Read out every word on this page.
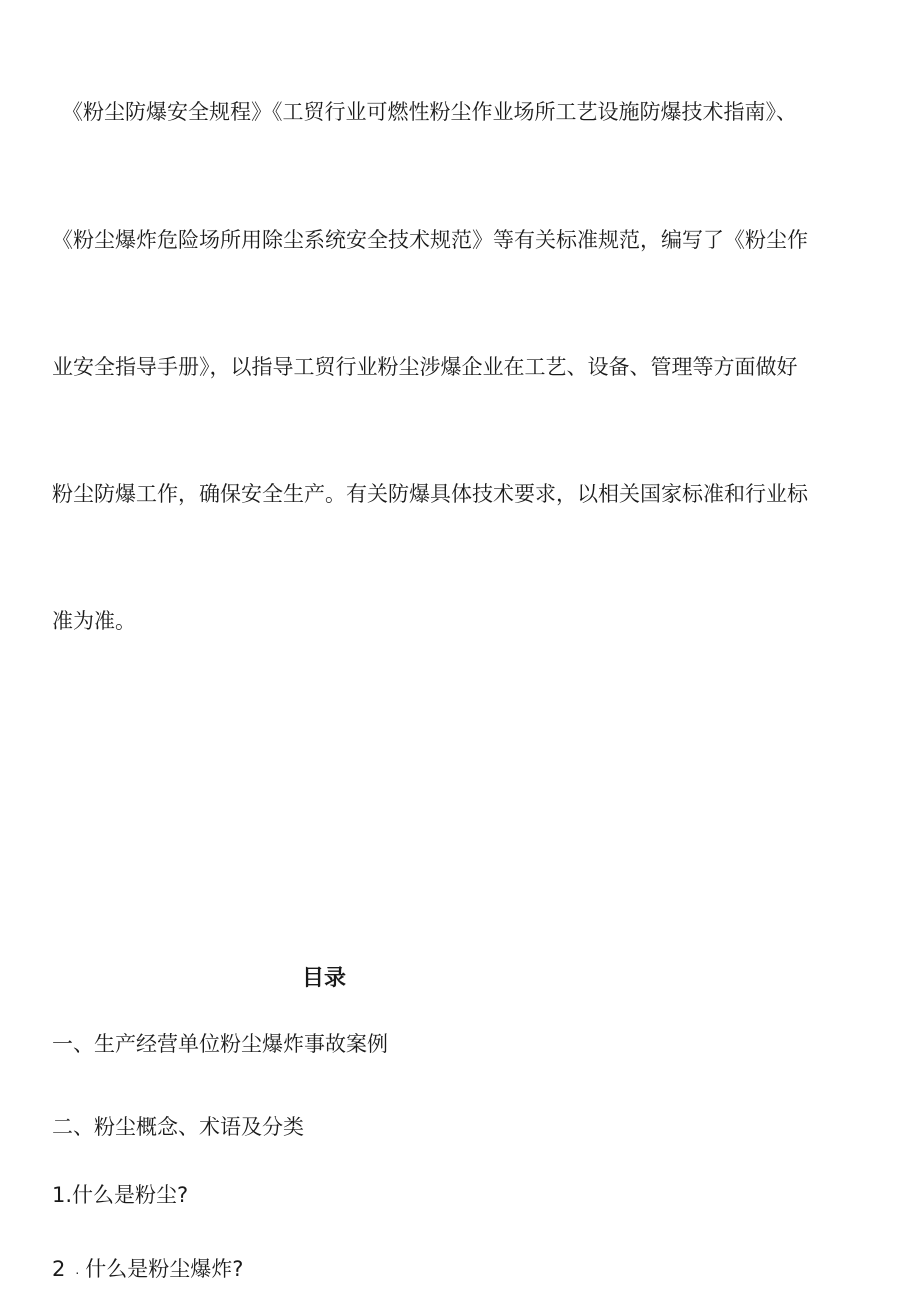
《粉尘防爆安全规程》《工贸行业可燃性粉尘作业场所工艺设施防爆技术指南》、
《粉尘爆炸危险场所用除尘系统安全技术规范》等有关标准规范，编写了《粉尘作
业安全指导手册》，以指导工贸行业粉尘涉爆企业在工艺、设备、管理等方面做好
粉尘防爆工作，确保安全生产。有关防爆具体技术要求，以相关国家标准和行业标
准为准。
目录
一、生产经营单位粉尘爆炸事故案例
二、粉尘概念、术语及分类
1.什么是粉尘?
2 . 什么是粉尘爆炸?
